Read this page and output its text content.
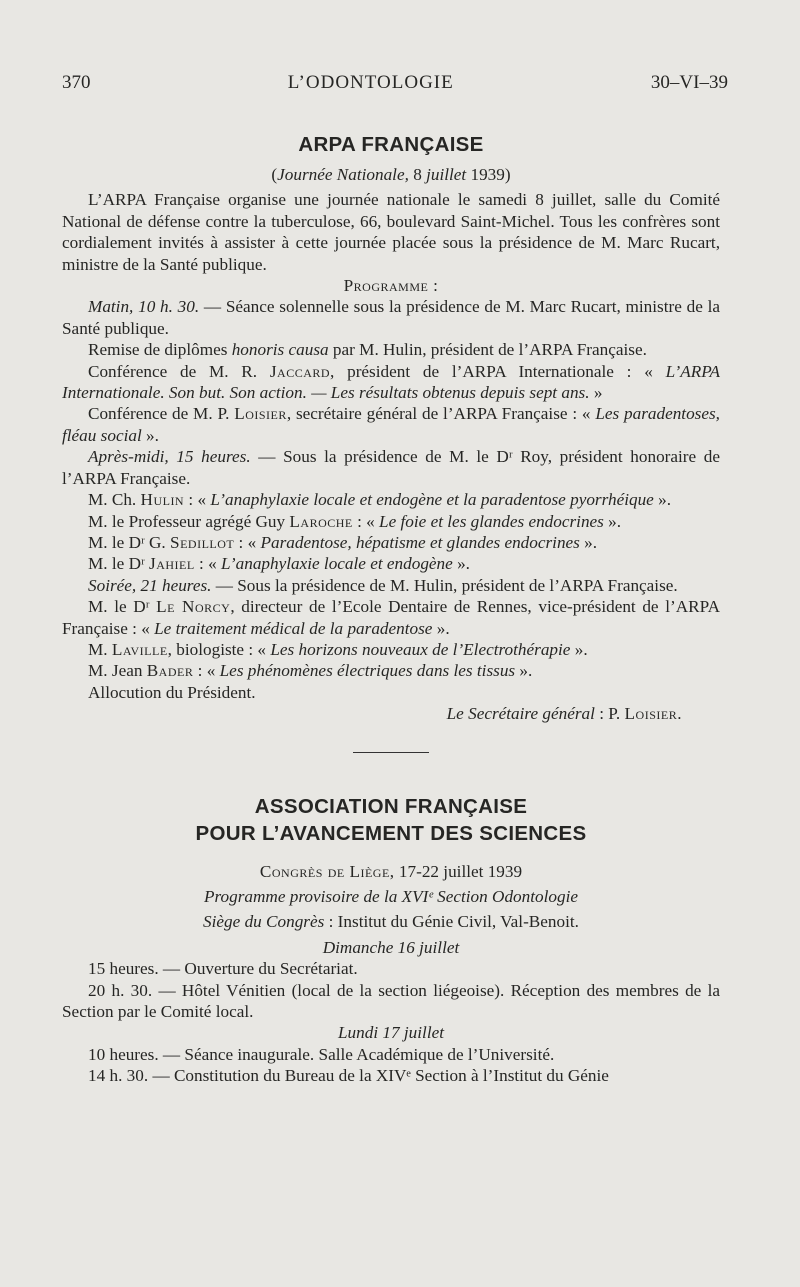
370	L’ODONTOLOGIE	30–VI–39
ARPA FRANÇAISE

(Journée Nationale, 8 juillet 1939)

L’ARPA Française organise une journée nationale le samedi 8 juillet, salle du Comité National de défense contre la tuberculose, 66, boulevard Saint-Michel. Tous les confrères sont cordialement invités à assister à cette journée placée sous la présidence de M. Marc Rucart, ministre de la Santé publique.

Programme :

Matin, 10 h. 30. — Séance solennelle sous la présidence de M. Marc Rucart, ministre de la Santé publique.

Remise de diplômes honoris causa par M. Hulin, président de l’ARPA Française.

Conférence de M. R. Jaccard, président de l’ARPA Internationale : « L’ARPA Internationale. Son but. Son action. — Les résultats obtenus depuis sept ans. »

Conférence de M. P. Loisier, secrétaire général de l’ARPA Française : « Les paradentoses, fléau social ».

Après-midi, 15 heures. — Sous la présidence de M. le Dʳ Roy, président honoraire de l’ARPA Française.

M. Ch. Hulin : « L’anaphylaxie locale et endogène et la paradentose pyorrhéique ».

M. le Professeur agrégé Guy Laroche : « Le foie et les glandes endocrines ».

M. le Dʳ G. Sedillot : « Paradentose, hépatisme et glandes endocrines ».

M. le Dʳ Jahiel : « L’anaphylaxie locale et endogène ».

Soirée, 21 heures. — Sous la présidence de M. Hulin, président de l’ARPA Française.

M. le Dʳ Le Norcy, directeur de l’Ecole Dentaire de Rennes, vice-président de l’ARPA Française : « Le traitement médical de la paradentose ».

M. Laville, biologiste : « Les horizons nouveaux de l’Electrothérapie ».

M. Jean Bader : « Les phénomènes électriques dans les tissus ».

Allocution du Président.

Le Secrétaire général : P. Loisier.

ASSOCIATION FRANÇAISE
POUR L’AVANCEMENT DES SCIENCES

Congrès de Liège, 17-22 juillet 1939

Programme provisoire de la XVIᵉ Section Odontologie

Siège du Congrès : Institut du Génie Civil, Val-Benoit.

Dimanche 16 juillet

15 heures. — Ouverture du Secrétariat.

20 h. 30. — Hôtel Vénitien (local de la section liégeoise). Réception des membres de la Section par le Comité local.

Lundi 17 juillet

10 heures. — Séance inaugurale. Salle Académique de l’Université.

14 h. 30. — Constitution du Bureau de la XIVᵉ Section à l’Institut du Génie
